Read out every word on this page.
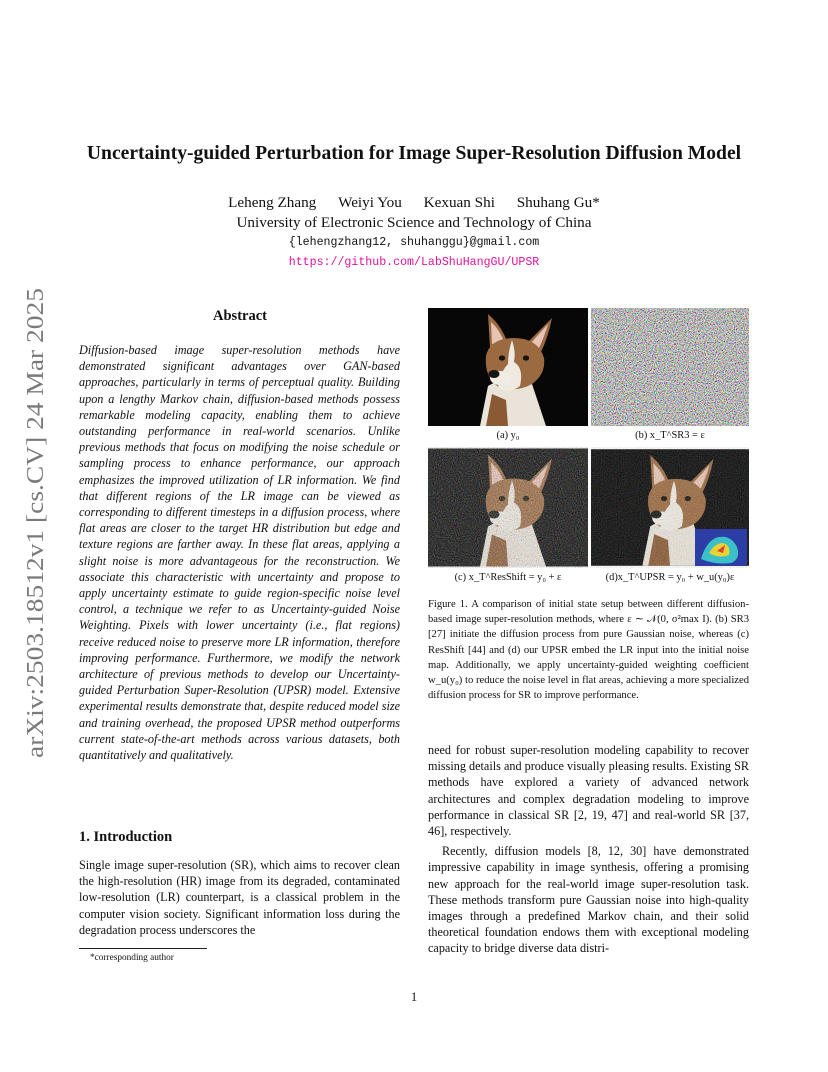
arXiv:2503.18512v1 [cs.CV] 24 Mar 2025
Uncertainty-guided Perturbation for Image Super-Resolution Diffusion Model
Leheng Zhang Weiyi You Kexuan Shi Shuhang Gu*
University of Electronic Science and Technology of China
{lehengzhang12, shuhanggu}@gmail.com
https://github.com/LabShuHangGU/UPSR
Abstract
Diffusion-based image super-resolution methods have demonstrated significant advantages over GAN-based approaches, particularly in terms of perceptual quality. Building upon a lengthy Markov chain, diffusion-based methods possess remarkable modeling capacity, enabling them to achieve outstanding performance in real-world scenarios. Unlike previous methods that focus on modifying the noise schedule or sampling process to enhance performance, our approach emphasizes the improved utilization of LR information. We find that different regions of the LR image can be viewed as corresponding to different timesteps in a diffusion process, where flat areas are closer to the target HR distribution but edge and texture regions are farther away. In these flat areas, applying a slight noise is more advantageous for the reconstruction. We associate this characteristic with uncertainty and propose to apply uncertainty estimate to guide region-specific noise level control, a technique we refer to as Uncertainty-guided Noise Weighting. Pixels with lower uncertainty (i.e., flat regions) receive reduced noise to preserve more LR information, therefore improving performance. Furthermore, we modify the network architecture of previous methods to develop our Uncertainty-guided Perturbation Super-Resolution (UPSR) model. Extensive experimental results demonstrate that, despite reduced model size and training overhead, the proposed UPSR method outperforms current state-of-the-art methods across various datasets, both quantitatively and qualitatively.
1. Introduction
Single image super-resolution (SR), which aims to recover clean the high-resolution (HR) image from its degraded, contaminated low-resolution (LR) counterpart, is a classical problem in the computer vision society. Significant information loss during the degradation process underscores the
*corresponding author
(a) y₀	(b) x_T^SR3 = ε
(c) x_T^ResShift = y₀ + ε	(d)x_T^UPSR = y₀ + w_u(y₀)ε
Figure 1. A comparison of initial state setup between different diffusion-based image super-resolution methods, where ε ∼ 𝒩(0, σ²max I). (b) SR3 [27] initiate the diffusion process from pure Gaussian noise, whereas (c) ResShift [44] and (d) our UPSR embed the LR input into the initial noise map. Additionally, we apply uncertainty-guided weighting coefficient w_u(y₀) to reduce the noise level in flat areas, achieving a more specialized diffusion process for SR to improve performance.

need for robust super-resolution modeling capability to recover missing details and produce visually pleasing results. Existing SR methods have explored a variety of advanced network architectures and complex degradation modeling to improve performance in classical SR [2, 19, 47] and real-world SR [37, 46], respectively.

Recently, diffusion models [8, 12, 30] have demonstrated impressive capability in image synthesis, offering a promising new approach for the real-world image super-resolution task. These methods transform pure Gaussian noise into high-quality images through a predefined Markov chain, and their solid theoretical foundation endows them with exceptional modeling capacity to bridge diverse data distri-

1
